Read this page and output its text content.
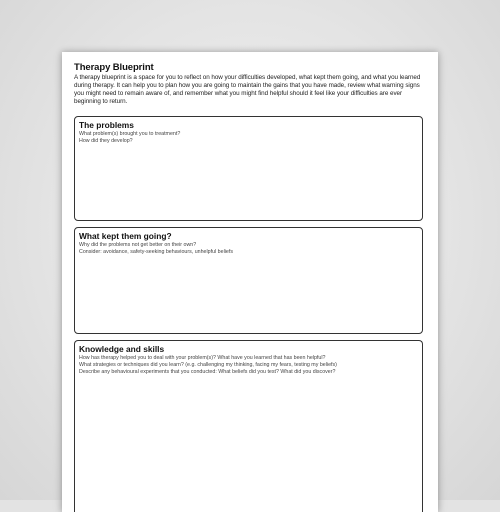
Therapy Blueprint

A therapy blueprint is a space for you to reflect on how your difficulties developed, what kept them going, and what you learned during therapy. It can help you to plan how you are going to maintain the gains that you have made, review what warning signs you might need to remain aware of, and remember what you might find helpful should it feel like your difficulties are ever beginning to return.

The problems

What problem(s) brought you to treatment?

How did they develop?

What kept them going?

Why did the problems not get better on their own?

Consider: avoidance, safety-seeking behaviours, unhelpful beliefs

Knowledge and skills

How has therapy helped you to deal with your problem(s)? What have you learned that has been helpful?

What strategies or techniques did you learn? (e.g. challenging my thinking, facing my fears, testing my beliefs)

Describe any behavioural experiments that you conducted: What beliefs did you test? What did you discover?
